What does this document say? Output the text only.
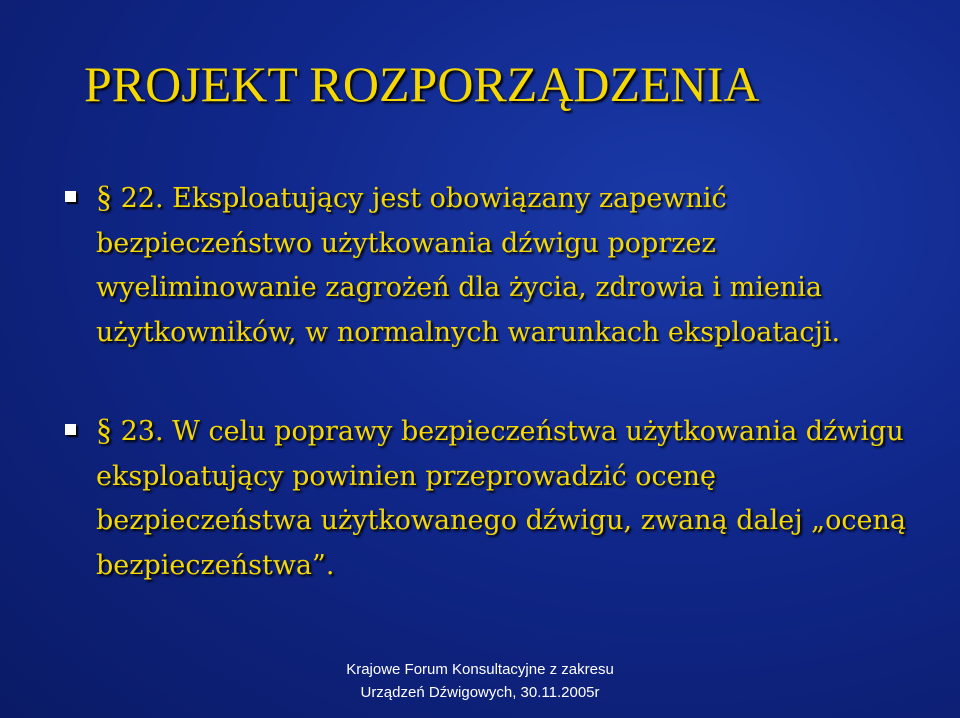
PROJEKT ROZPORZĄDZENIA
§ 22. Eksploatujący jest obowiązany zapewnić bezpieczeństwo użytkowania dźwigu poprzez wyeliminowanie zagrożeń dla życia, zdrowia i mienia użytkowników, w normalnych warunkach eksploatacji.
§ 23. W celu poprawy bezpieczeństwa użytkowania dźwigu eksploatujący powinien przeprowadzić ocenę bezpieczeństwa użytkowanego dźwigu, zwaną dalej „oceną bezpieczeństwa”.
Krajowe Forum Konsultacyjne z zakresu
Urządzeń Dźwigowych, 30.11.2005r
